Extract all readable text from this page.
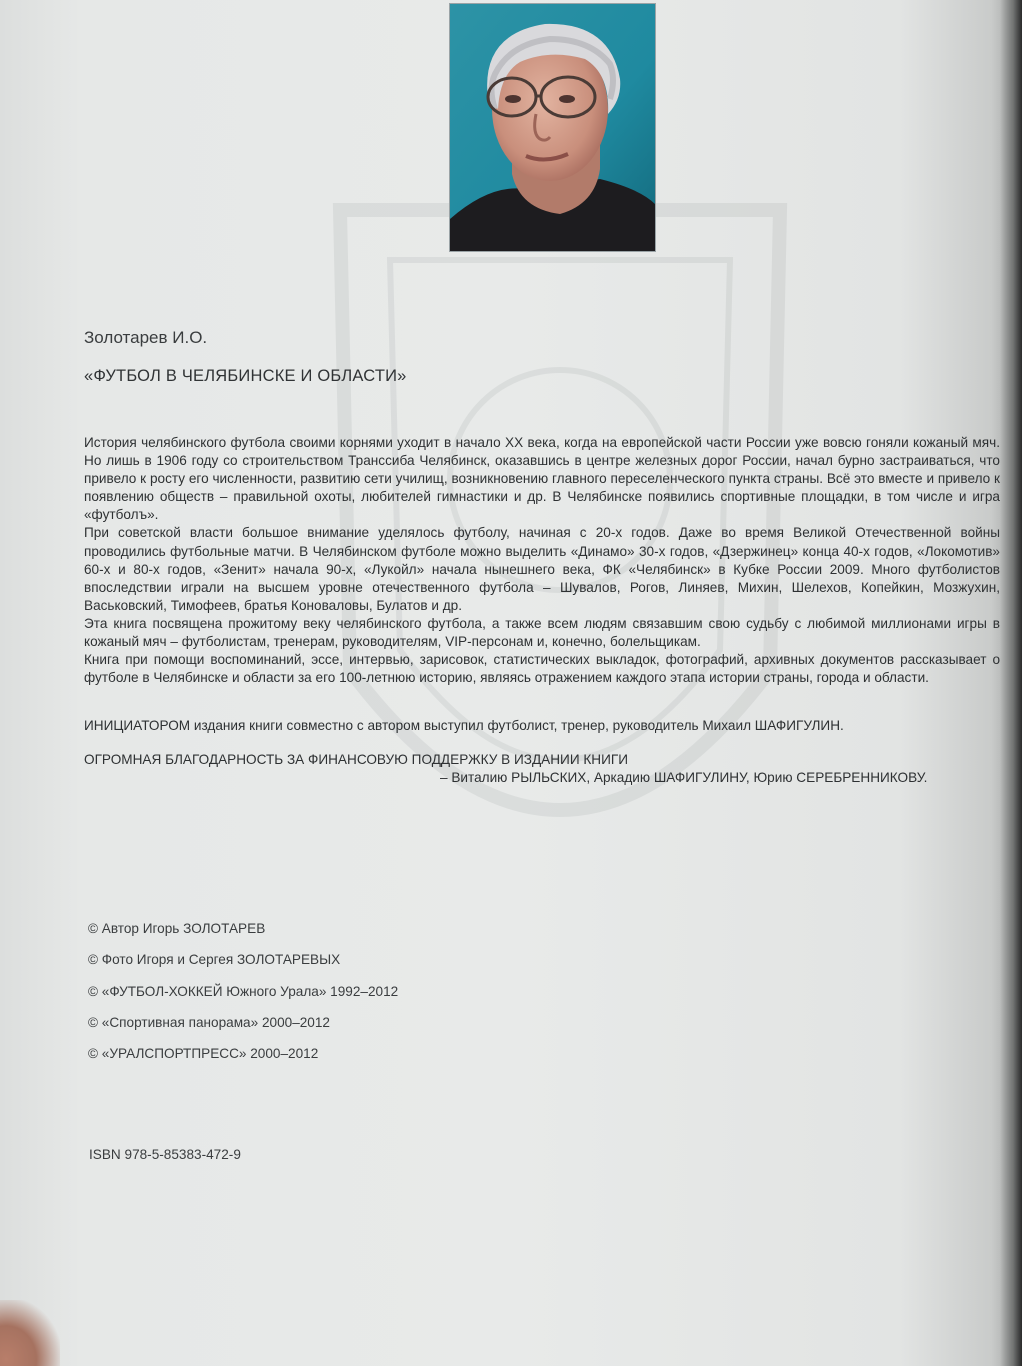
Золотарев И.О.
«ФУТБОЛ В ЧЕЛЯБИНСКЕ И ОБЛАСТИ»

История челябинского футбола своими корнями уходит в начало XX века, когда на европейской части России уже вовсю гоняли кожаный мяч. Но лишь в 1906 году со строительством Транссиба Челябинск, оказавшись в центре железных дорог России, начал бурно застраиваться, что привело к росту его численности, развитию сети училищ, возникновению главного переселенческого пункта страны. Всё это вместе и привело к появлению обществ – правильной охоты, любителей гимнастики и др. В Челябинске появились спортивные площадки, в том числе и игра «футболъ».

При советской власти большое внимание уделялось футболу, начиная с 20-х годов. Даже во время Великой Отечественной войны проводились футбольные матчи. В Челябинском футболе можно выделить «Динамо» 30-х годов, «Дзержинец» конца 40-х годов, «Локомотив» 60-х и 80-х годов, «Зенит» начала 90-х, «Лукойл» начала нынешнего века, ФК «Челябинск» в Кубке России 2009. Много футболистов впоследствии играли на высшем уровне отечественного футбола – Шувалов, Рогов, Линяев, Михин, Шелехов, Копейкин, Мозжухин, Васьковский, Тимофеев, братья Коноваловы, Булатов и др.

Эта книга посвящена прожитому веку челябинского футбола, а также всем людям связавшим свою судьбу с любимой миллионами игры в кожаный мяч – футболистам, тренерам, руководителям, VIP-персонам и, конечно, болельщикам.

Книга при помощи воспоминаний, эссе, интервью, зарисовок, статистических выкладок, фотографий, архивных документов рассказывает о футболе в Челябинске и области за его 100-летнюю историю, являясь отражением каждого этапа истории страны, города и области.

ИНИЦИАТОРОМ издания книги совместно с автором выступил футболист, тренер, руководитель Михаил ШАФИГУЛИН.
ОГРОМНАЯ БЛАГОДАРНОСТЬ ЗА ФИНАНСОВУЮ ПОДДЕРЖКУ В ИЗДАНИИ КНИГИ
– Виталию РЫЛЬСКИХ, Аркадию ШАФИГУЛИНУ, Юрию СЕРЕБРЕННИКОВУ.
© Автор Игорь ЗОЛОТАРЕВ
© Фото Игоря и Сергея ЗОЛОТАРЕВЫХ
© «ФУТБОЛ-ХОККЕЙ Южного Урала» 1992–2012
© «Спортивная панорама» 2000–2012
© «УРАЛСПОРТПРЕСС» 2000–2012
ISBN 978-5-85383-472-9
